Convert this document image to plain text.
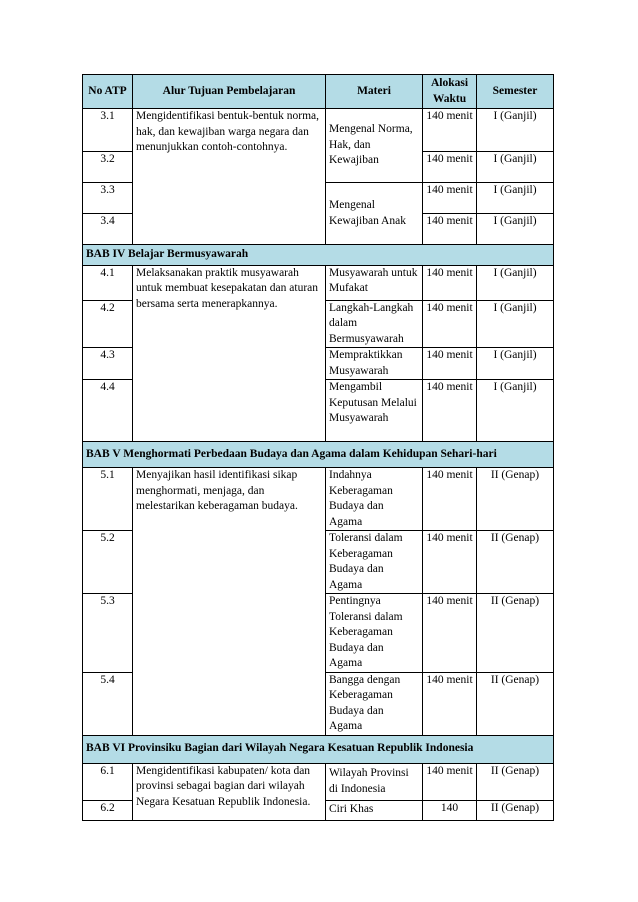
No ATP	Alur Tujuan Pembelajaran	Materi	Alokasi Waktu	Semester
3.1	Mengidentifikasi bentuk-bentuk norma, hak, dan kewajiban warga negara dan menunjukkan contoh-contohnya.	Mengenal Norma, Hak, dan Kewajiban	140 menit	I (Ganjil)
3.2			140 menit	I (Ganjil)
3.3		Mengenal Kewajiban Anak	140 menit	I (Ganjil)
3.4			140 menit	I (Ganjil)
BAB IV Belajar Bermusyawarah				
4.1	Melaksanakan praktik musyawarah untuk membuat kesepakatan dan aturan bersama serta menerapkannya.	Musyawarah untuk Mufakat	140 menit	I (Ganjil)
4.2		Langkah-Langkah dalam Bermusyawarah	140 menit	I (Ganjil)
4.3		Mempraktikkan Musyawarah	140 menit	I (Ganjil)
4.4		Mengambil Keputusan Melalui Musyawarah	140 menit	I (Ganjil)
BAB V Menghormati Perbedaan Budaya dan Agama dalam Kehidupan Sehari-hari				
5.1	Menyajikan hasil identifikasi sikap menghormati, menjaga, dan melestarikan keberagaman budaya.	Indahnya Keberagaman Budaya dan Agama	140 menit	II (Genap)
5.2		Toleransi dalam Keberagaman Budaya dan Agama	140 menit	II (Genap)
5.3		Pentingnya Toleransi dalam Keberagaman Budaya dan Agama	140 menit	II (Genap)
5.4		Bangga dengan Keberagaman Budaya dan Agama	140 menit	II (Genap)
BAB VI Provinsiku Bagian dari Wilayah Negara Kesatuan Republik Indonesia				
6.1	Mengidentifikasi kabupaten/ kota dan provinsi sebagai bagian dari wilayah Negara Kesatuan Republik Indonesia.	Wilayah Provinsi di Indonesia	140 menit	II (Genap)
6.2		Ciri Khas	140	II (Genap)
